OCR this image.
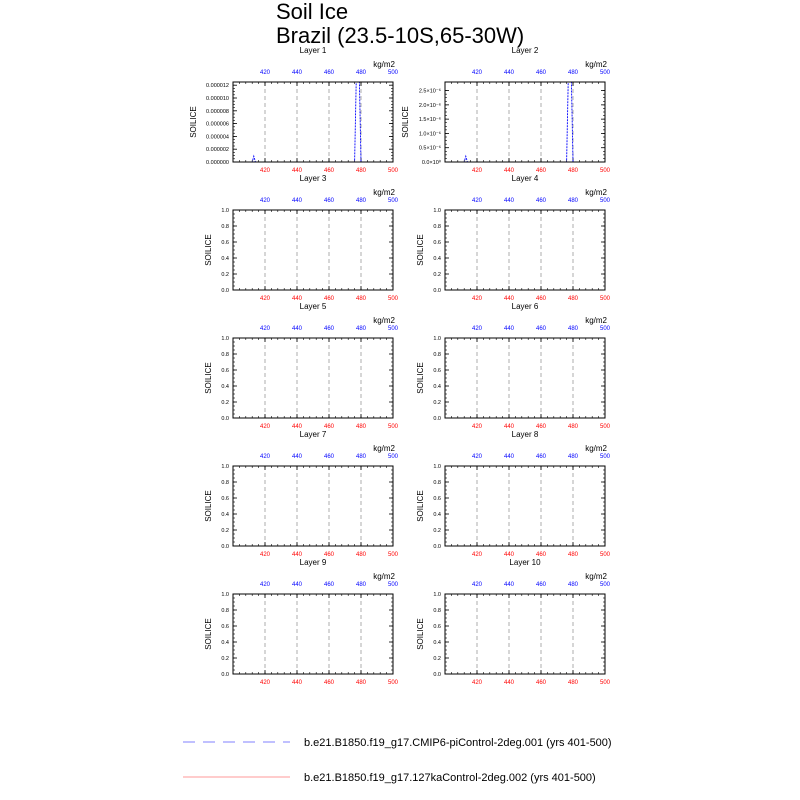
Soil Ice
Brazil (23.5-10S,65-30W)
420
420
440
440
460
460
480
480
500
500
0.000000
0.000002
0.000004
0.000006
0.000008
0.000010
0.000012
Layer 1
kg/m2
SOILICE
420
420
440
440
460
460
480
480
500
500
0.0×10⁰
0.5×10⁻⁶
1.0×10⁻⁶
1.5×10⁻⁶
2.0×10⁻⁶
2.5×10⁻⁶
Layer 2
kg/m2
SOILICE
420
420
440
440
460
460
480
480
500
500
0.0
0.2
0.4
0.6
0.8
1.0
Layer 3
kg/m2
SOILICE
420
420
440
440
460
460
480
480
500
500
0.0
0.2
0.4
0.6
0.8
1.0
Layer 4
kg/m2
SOILICE
420
420
440
440
460
460
480
480
500
500
0.0
0.2
0.4
0.6
0.8
1.0
Layer 5
kg/m2
SOILICE
420
420
440
440
460
460
480
480
500
500
0.0
0.2
0.4
0.6
0.8
1.0
Layer 6
kg/m2
SOILICE
420
420
440
440
460
460
480
480
500
500
0.0
0.2
0.4
0.6
0.8
1.0
Layer 7
kg/m2
SOILICE
420
420
440
440
460
460
480
480
500
500
0.0
0.2
0.4
0.6
0.8
1.0
Layer 8
kg/m2
SOILICE
420
420
440
440
460
460
480
480
500
500
0.0
0.2
0.4
0.6
0.8
1.0
Layer 9
kg/m2
SOILICE
420
420
440
440
460
460
480
480
500
500
0.0
0.2
0.4
0.6
0.8
1.0
Layer 10
kg/m2
SOILICE
b.e21.B1850.f19_g17.CMIP6-piControl-2deg.001 (yrs 401-500)
b.e21.B1850.f19_g17.127kaControl-2deg.002 (yrs 401-500)
